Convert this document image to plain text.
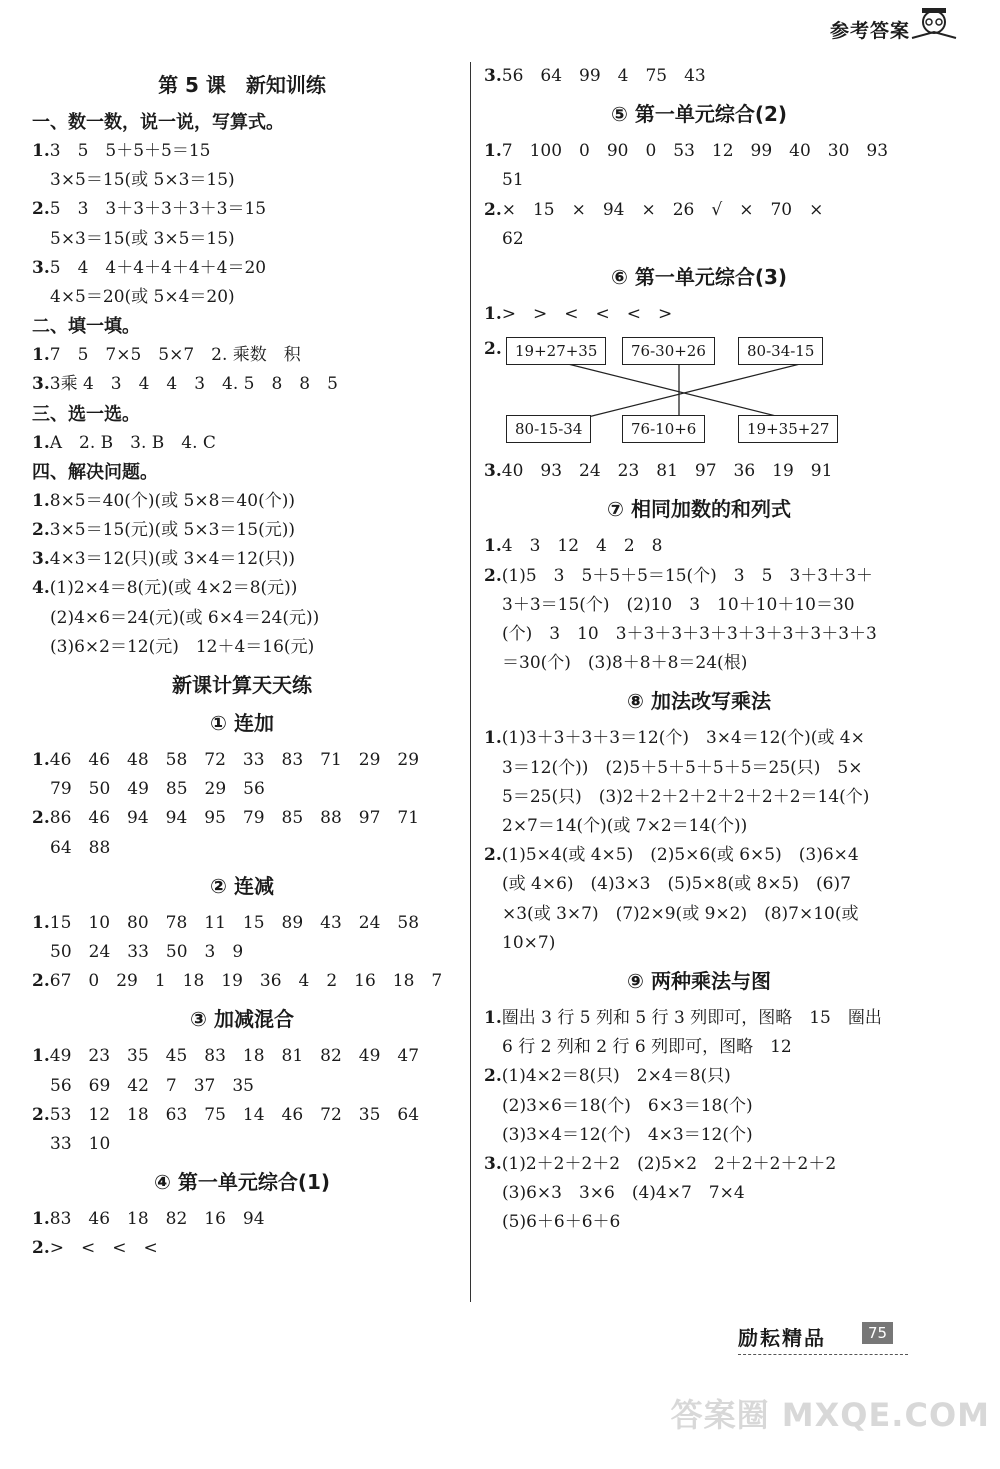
参考答案
第 5 课　新知训练
一、数一数，说一说，写算式。
1.3　5　5＋5＋5＝15
3×5＝15(或 5×3＝15)
2.5　3　3＋3＋3＋3＋3＝15
5×3＝15(或 3×5＝15)
3.5　4　4＋4＋4＋4＋4＝20
4×5＝20(或 5×4＝20)
二、填一填。
1.7　5　7×5　5×7　2. 乘数　积
3.3乘 4　3　4　4　3　4. 5　8　8　5
三、选一选。
1.A　2. B　3. B　4. C
四、解决问题。
1.8×5＝40(个)(或 5×8＝40(个))
2.3×5＝15(元)(或 5×3＝15(元))
3.4×3＝12(只)(或 3×4＝12(只))
4.(1)2×4＝8(元)(或 4×2＝8(元))
(2)4×6＝24(元)(或 6×4＝24(元))
(3)6×2＝12(元)　12＋4＝16(元)
新课计算天天练
① 连加
1.46　46　48　58　72　33　83　71　29　29
79　50　49　85　29　56
2.86　46　94　94　95　79　85　88　97　71
64　88
② 连减
1.15　10　80　78　11　15　89　43　24　58
50　24　33　50　3　9
2.67　0　29　1　18　19　36　4　2　16　18　7
③ 加减混合
1.49　23　35　45　83　18　81　82　49　47
56　69　42　7　37　35
2.53　12　18　63　75　14　46　72　35　64
33　10
④ 第一单元综合(1)
1.83　46　18　82　16　94
2.>　<　<　<
3.56　64　99　4　75　43
⑤ 第一单元综合(2)
1.7　100　0　90　0　53　12　99　40　30　93
51
2.×　15　×　94　×　26　√　×　70　×
62
⑥ 第一单元综合(3)
1.>　>　<　<　<　>
2. 19+27+35	76-30+26	80-34-15
80-15-34	76-10+6	19+35+27
3.40　93　24　23　81　97　36　19　91
⑦ 相同加数的和列式
1.4　3　12　4　2　8
2.(1)5　3　5＋5＋5＝15(个)　3　5　3＋3＋3＋
3＋3＝15(个)　(2)10　3　10＋10＋10＝30
(个)　3　10　3＋3＋3＋3＋3＋3＋3＋3＋3＋3
＝30(个)　(3)8＋8＋8＝24(根)
⑧ 加法改写乘法
1.(1)3＋3＋3＋3＝12(个)　3×4＝12(个)(或 4×
3＝12(个))　(2)5＋5＋5＋5＋5＝25(只)　5×
5＝25(只)　(3)2＋2＋2＋2＋2＋2＋2＝14(个)
2×7＝14(个)(或 7×2＝14(个))
2.(1)5×4(或 4×5)　(2)5×6(或 6×5)　(3)6×4
(或 4×6)　(4)3×3　(5)5×8(或 8×5)　(6)7
×3(或 3×7)　(7)2×9(或 9×2)　(8)7×10(或
10×7)
⑨ 两种乘法与图
1.圈出 3 行 5 列和 5 行 3 列即可，图略　15　圈出
6 行 2 列和 2 行 6 列即可，图略　12
2.(1)4×2＝8(只)　2×4＝8(只)
(2)3×6＝18(个)　6×3＝18(个)
(3)3×4＝12(个)　4×3＝12(个)
3.(1)2＋2＋2＋2　(2)5×2　2＋2＋2＋2＋2
(3)6×3　3×6　(4)4×7　7×4
(5)6＋6＋6＋6
励耘精品	75
答案圈 MXQE.COM
